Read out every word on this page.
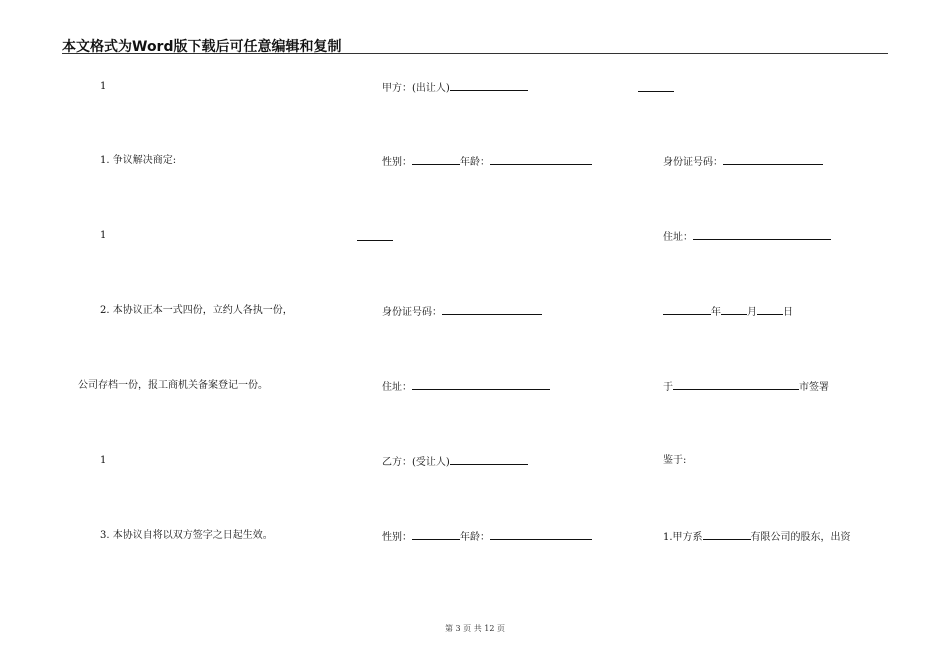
本文格式为Word版下载后可任意编辑和复制
1
1. 争议解决商定:
1
2. 本协议正本一式四份，立约人各执一份，
公司存档一份，报工商机关备案登记一份。
1
3. 本协议自将以双方签字之日起生效。
甲方：(出让人)
性别：	年龄：
身份证号码：
住址：
乙方：(受让人)
性别：	年龄：
身份证号码：
住址：
年	月	日
于	市签署
鉴于:
1.甲方系	有限公司的股东，出资
第 3 页 共 12 页
